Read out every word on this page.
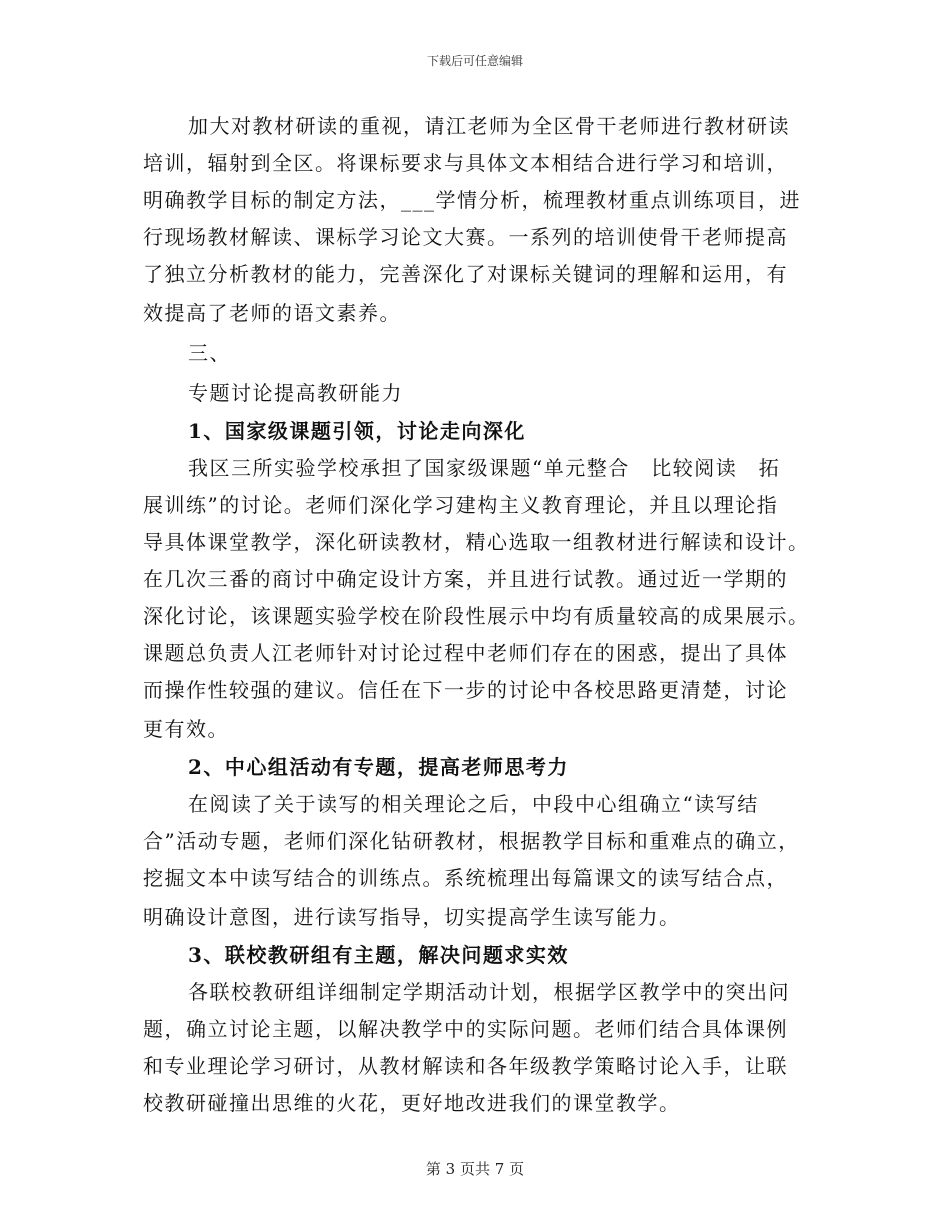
下载后可任意编辑
加大对教材研读的重视，请江老师为全区骨干老师进行教材研读
培训，辐射到全区。将课标要求与具体文本相结合进行学习和培训，
明确教学目标的制定方法，___学情分析，梳理教材重点训练项目，进
行现场教材解读、课标学习论文大赛。一系列的培训使骨干老师提高
了独立分析教材的能力，完善深化了对课标关键词的理解和运用，有
效提高了老师的语文素养。
三、
专题讨论提高教研能力
1、国家级课题引领，讨论走向深化
我区三所实验学校承担了国家级课题“单元整合　比较阅读　拓
展训练”的讨论。老师们深化学习建构主义教育理论，并且以理论指
导具体课堂教学，深化研读教材，精心选取一组教材进行解读和设计。
在几次三番的商讨中确定设计方案，并且进行试教。通过近一学期的
深化讨论，该课题实验学校在阶段性展示中均有质量较高的成果展示。
课题总负责人江老师针对讨论过程中老师们存在的困惑，提出了具体
而操作性较强的建议。信任在下一步的讨论中各校思路更清楚，讨论
更有效。
2、中心组活动有专题，提高老师思考力
在阅读了关于读写的相关理论之后，中段中心组确立“读写结
合”活动专题，老师们深化钻研教材，根据教学目标和重难点的确立，
挖掘文本中读写结合的训练点。系统梳理出每篇课文的读写结合点，
明确设计意图，进行读写指导，切实提高学生读写能力。
3、联校教研组有主题，解决问题求实效
各联校教研组详细制定学期活动计划，根据学区教学中的突出问
题，确立讨论主题，以解决教学中的实际问题。老师们结合具体课例
和专业理论学习研讨，从教材解读和各年级教学策略讨论入手，让联
校教研碰撞出思维的火花，更好地改进我们的课堂教学。
第 3 页共 7 页
